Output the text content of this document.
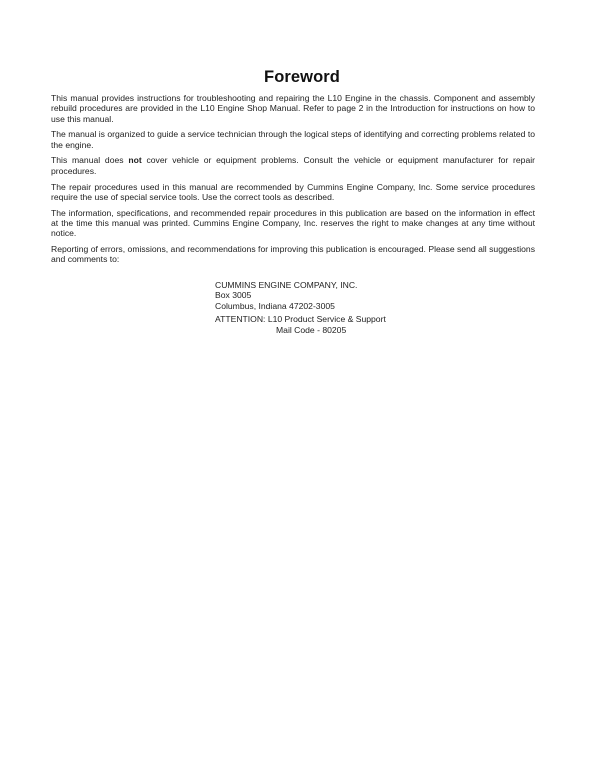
Foreword

This manual provides instructions for troubleshooting and repairing the L10 Engine in the chassis. Component and assembly rebuild procedures are provided in the L10 Engine Shop Manual. Refer to page 2 in the Introduction for instructions on how to use this manual.

The manual is organized to guide a service technician through the logical steps of identifying and correcting problems related to the engine.

This manual does not cover vehicle or equipment problems. Consult the vehicle or equipment manufacturer for repair procedures.

The repair procedures used in this manual are recommended by Cummins Engine Company, Inc. Some service procedures require the use of special service tools. Use the correct tools as described.

The information, specifications, and recommended repair procedures in this publication are based on the information in effect at the time this manual was printed. Cummins Engine Company, Inc. reserves the right to make changes at any time without notice.

Reporting of errors, omissions, and recommendations for improving this publication is encouraged. Please send all suggestions and comments to:

CUMMINS ENGINE COMPANY, INC.
Box 3005
Columbus, Indiana 47202-3005
ATTENTION: L10 Product Service & Support
Mail Code - 80205
